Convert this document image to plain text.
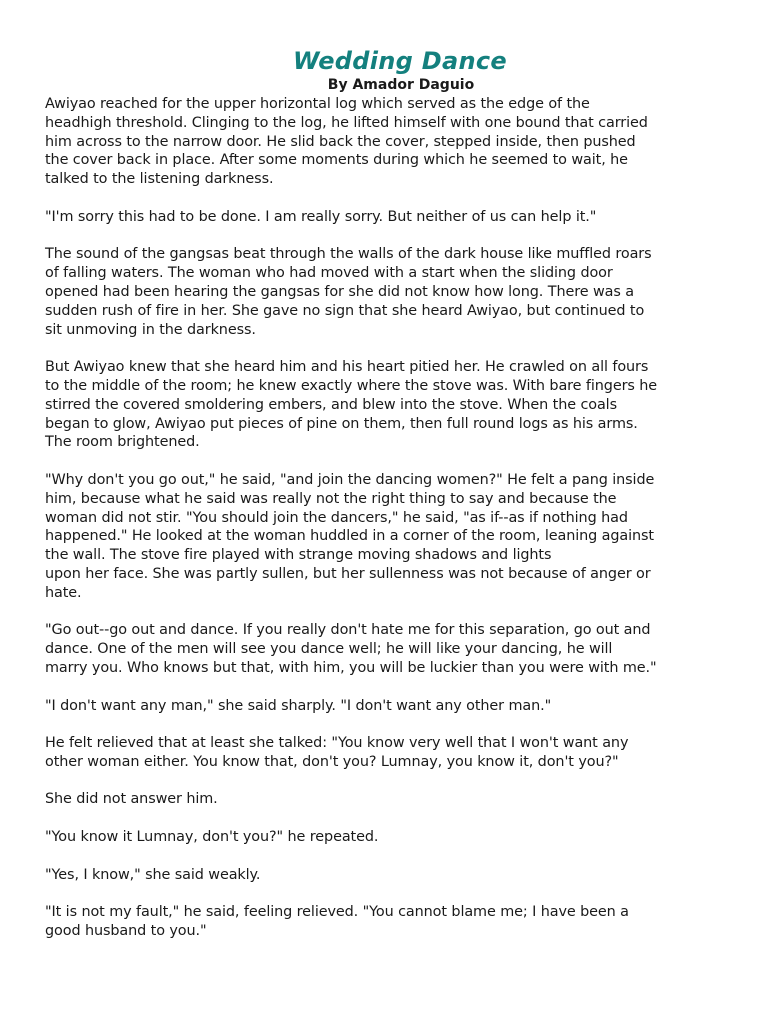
Wedding Dance
By Amador Daguio

Awiyao reached for the upper horizontal log which served as the edge of the
headhigh threshold. Clinging to the log, he lifted himself with one bound that carried
him across to the narrow door. He slid back the cover, stepped inside, then pushed
the cover back in place. After some moments during which he seemed to wait, he
talked to the listening darkness.

"I'm sorry this had to be done. I am really sorry. But neither of us can help it."

The sound of the gangsas beat through the walls of the dark house like muffled roars
of falling waters. The woman who had moved with a start when the sliding door
opened had been hearing the gangsas for she did not know how long. There was a
sudden rush of fire in her. She gave no sign that she heard Awiyao, but continued to
sit unmoving in the darkness.

But Awiyao knew that she heard him and his heart pitied her. He crawled on all fours
to the middle of the room; he knew exactly where the stove was. With bare fingers he
stirred the covered smoldering embers, and blew into the stove. When the coals
began to glow, Awiyao put pieces of pine on them, then full round logs as his arms.
The room brightened.

"Why don't you go out," he said, "and join the dancing women?" He felt a pang inside
him, because what he said was really not the right thing to say and because the
woman did not stir. "You should join the dancers," he said, "as if--as if nothing had
happened." He looked at the woman huddled in a corner of the room, leaning against
the wall. The stove fire played with strange moving shadows and lights
upon her face. She was partly sullen, but her sullenness was not because of anger or
hate.

"Go out--go out and dance. If you really don't hate me for this separation, go out and
dance. One of the men will see you dance well; he will like your dancing, he will
marry you. Who knows but that, with him, you will be luckier than you were with me."

"I don't want any man," she said sharply. "I don't want any other man."

He felt relieved that at least she talked: "You know very well that I won't want any
other woman either. You know that, don't you? Lumnay, you know it, don't you?"

She did not answer him.

"You know it Lumnay, don't you?" he repeated.

"Yes, I know," she said weakly.

"It is not my fault," he said, feeling relieved. "You cannot blame me; I have been a
good husband to you."
